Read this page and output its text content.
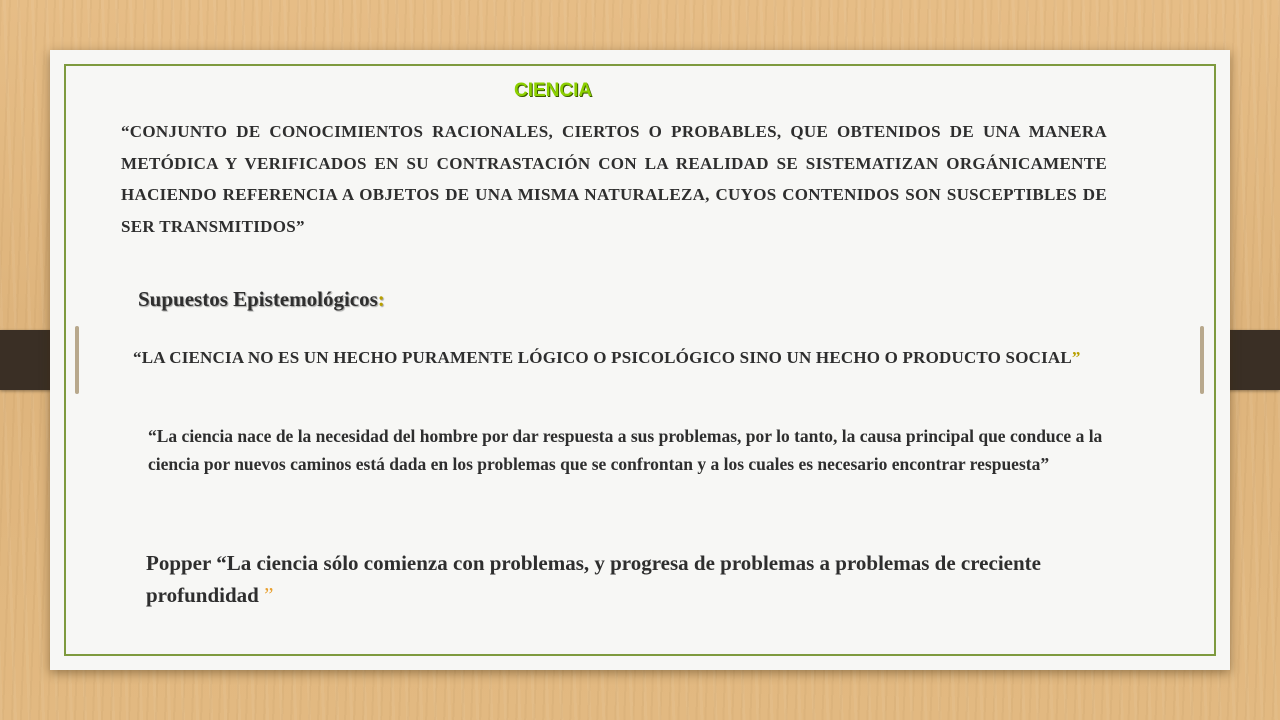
CIENCIA

“CONJUNTO DE CONOCIMIENTOS RACIONALES, CIERTOS O PROBABLES, QUE OBTENIDOS DE UNA MANERA METÓDICA Y VERIFICADOS EN SU CONTRASTACIÓN CON LA REALIDAD SE SISTEMATIZAN ORGÁNICAMENTE HACIENDO REFERENCIA A OBJETOS DE UNA MISMA NATURALEZA, CUYOS CONTENIDOS SON SUSCEPTIBLES DE SER TRANSMITIDOS”

Supuestos Epistemológicos:

“LA CIENCIA NO ES UN HECHO PURAMENTE LÓGICO O PSICOLÓGICO SINO UN HECHO O PRODUCTO SOCIAL”

“La ciencia nace de la necesidad del hombre por dar respuesta a sus problemas, por lo tanto, la causa principal que conduce a la ciencia por nuevos caminos está dada en los problemas que se confrontan y a los cuales es necesario encontrar respuesta”

Popper “La ciencia sólo comienza con problemas, y progresa de problemas a problemas de creciente profundidad ”
